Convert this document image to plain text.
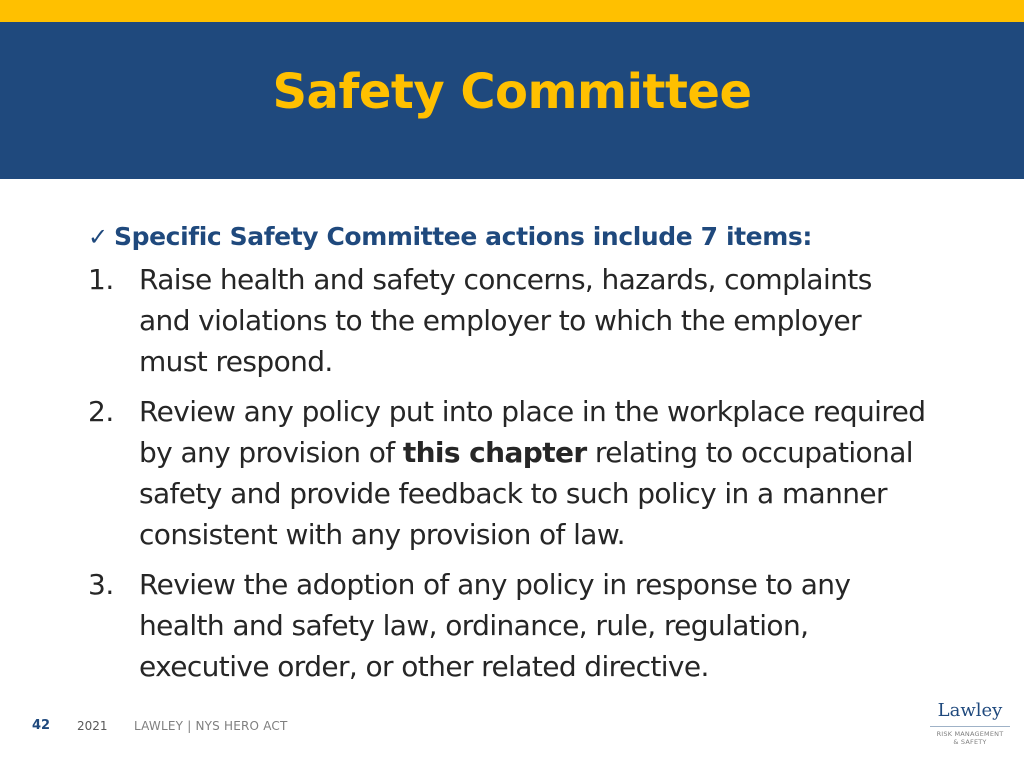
Safety Committee
✓ Specific Safety Committee actions include 7 items:
1. Raise health and safety concerns, hazards, complaints and violations to the employer to which the employer must respond.
2. Review any policy put into place in the workplace required by any provision of this chapter relating to occupational safety and provide feedback to such policy in a manner consistent with any provision of law.
3. Review the adoption of any policy in response to any health and safety law, ordinance, rule, regulation, executive order, or other related directive.
42 2021 LAWLEY | NYS HERO ACT
Lawley
RISK MANAGEMENT
& SAFETY
